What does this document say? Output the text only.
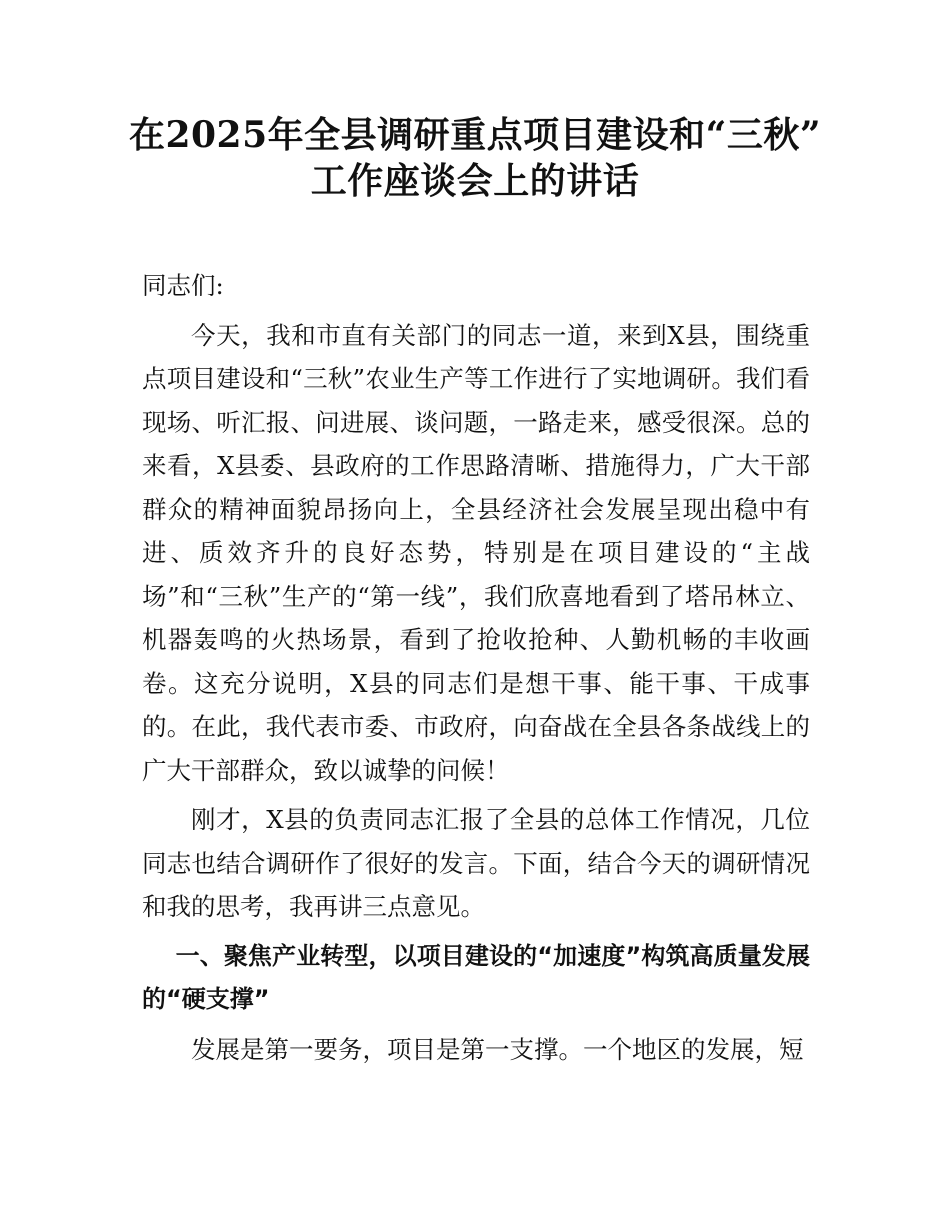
在2025年全县调研重点项目建设和“三秋”
工作座谈会上的讲话

同志们:

今天，我和市直有关部门的同志一道，来到X县，围绕重点项目建设和“三秋”农业生产等工作进行了实地调研。我们看现场、听汇报、问进展、谈问题，一路走来，感受很深。总的来看，X县委、县政府的工作思路清晰、措施得力，广大干部群众的精神面貌昂扬向上，全县经济社会发展呈现出稳中有进、质效齐升的良好态势，特别是在项目建设的“主战场”和“三秋”生产的“第一线”，我们欣喜地看到了塔吊林立、机器轰鸣的火热场景，看到了抢收抢种、人勤机畅的丰收画卷。这充分说明，X县的同志们是想干事、能干事、干成事的。在此，我代表市委、市政府，向奋战在全县各条战线上的广大干部群众，致以诚挚的问候！

刚才，X县的负责同志汇报了全县的总体工作情况，几位同志也结合调研作了很好的发言。下面，结合今天的调研情况和我的思考，我再讲三点意见。

一、聚焦产业转型，以项目建设的“加速度”构筑高质量发展的“硬支撑”

发展是第一要务，项目是第一支撑。一个地区的发展，短
